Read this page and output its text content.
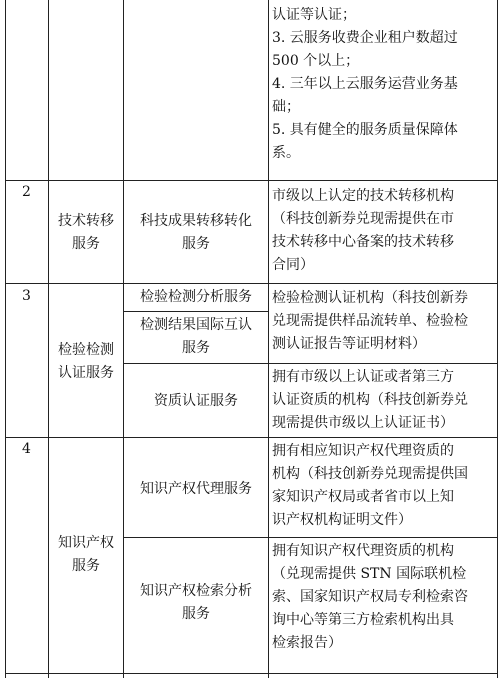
认证等认证；
3. 云服务收费企业租户数超过
500 个以上；
4. 三年以上云服务运营业务基
础；
5. 具有健全的服务质量保障体
系。
2
技术转移
服务
科技成果转移转化
服务
市级以上认定的技术转移机构
（科技创新券兑现需提供在市
技术转移中心备案的技术转移
合同）
3
检验检测
认证服务
检验检测分析服务
检测结果国际互认
服务
资质认证服务
检验检测认证机构（科技创新券
兑现需提供样品流转单、检验检
测认证报告等证明材料）
拥有市级以上认证或者第三方
认证资质的机构（科技创新券兑
现需提供市级以上认证证书）
4
知识产权
服务
知识产权代理服务
拥有相应知识产权代理资质的
机构（科技创新券兑现需提供国
家知识产权局或者省市以上知
识产权机构证明文件）
知识产权检索分析
服务
拥有知识产权代理资质的机构
（兑现需提供 STN 国际联机检
索、国家知识产权局专利检索咨
询中心等第三方检索机构出具
检索报告）
